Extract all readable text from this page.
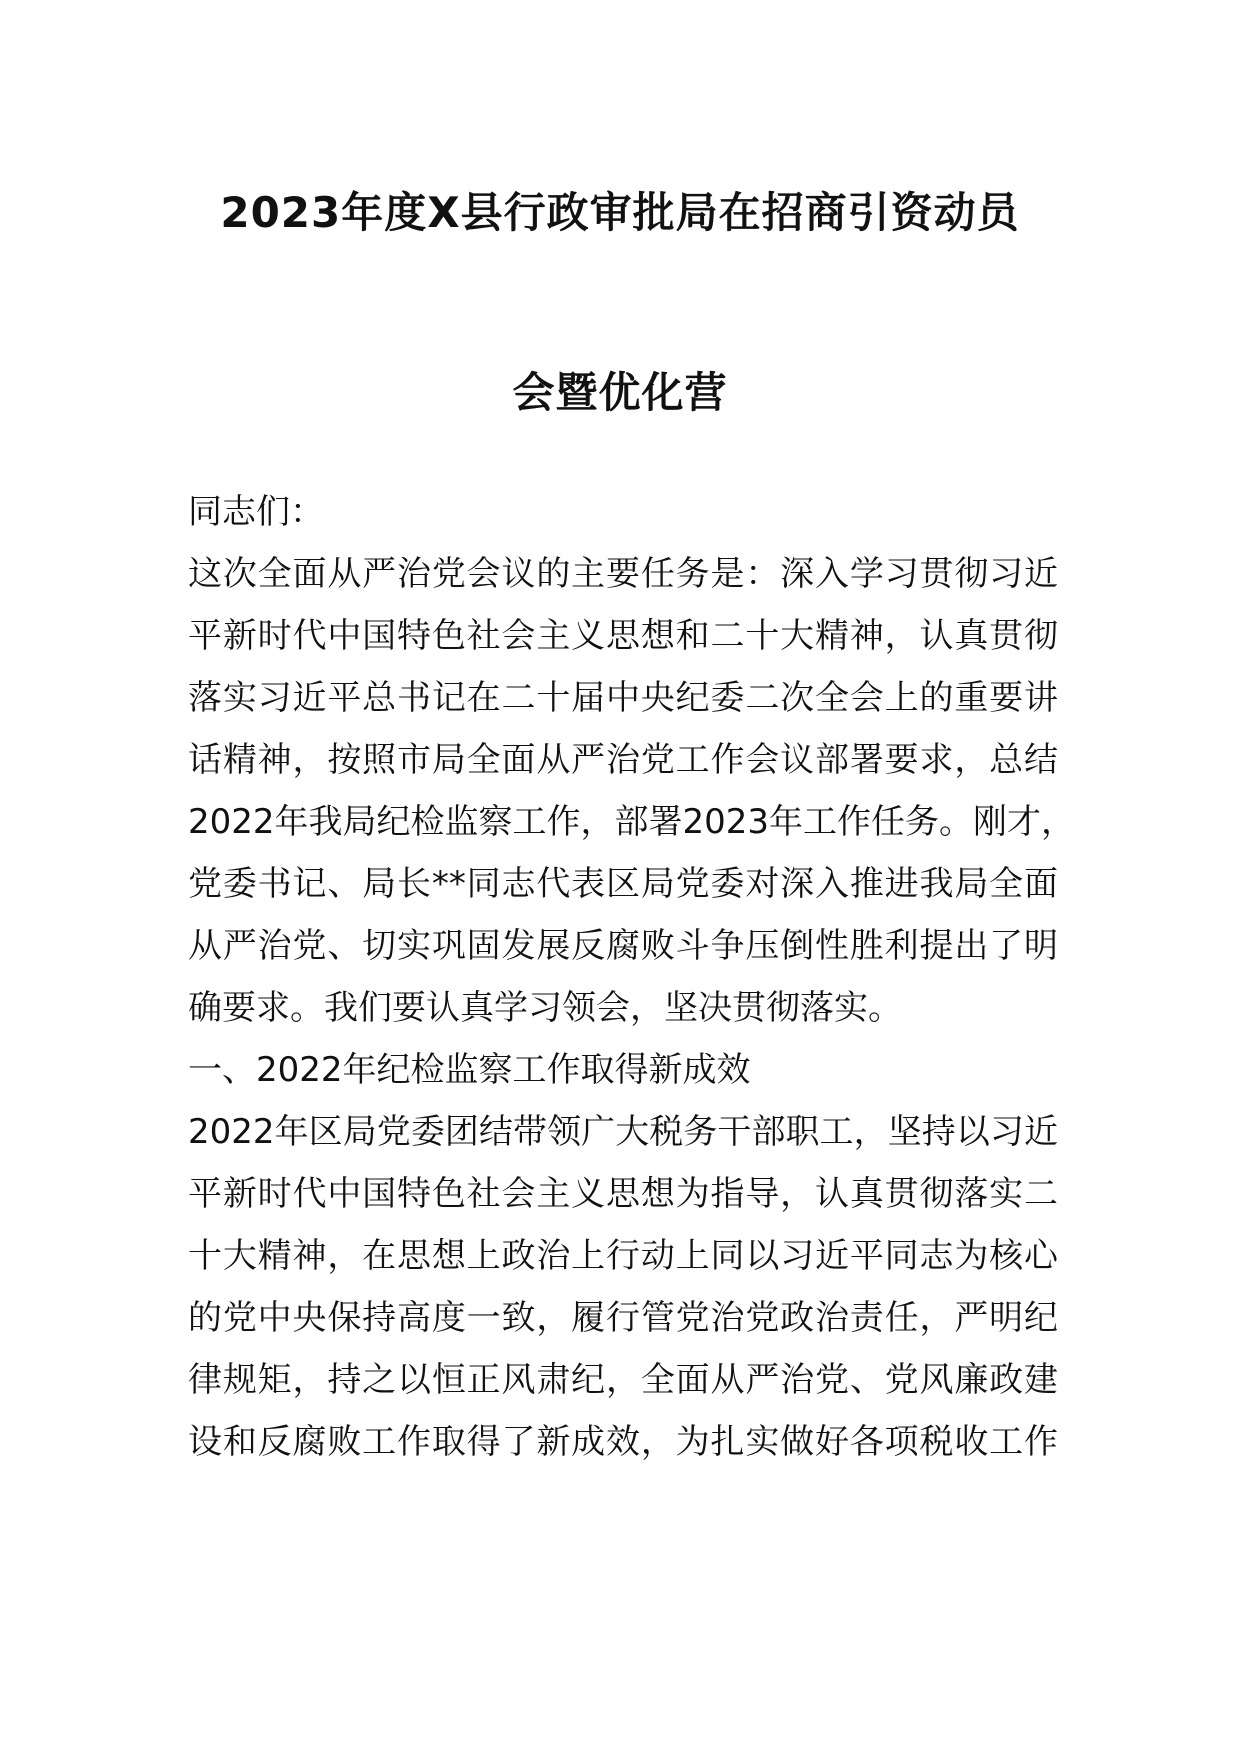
2023年度X县行政审批局在招商引资动员
会暨优化营
同志们：
这次全面从严治党会议的主要任务是：深入学习贯彻习近
平新时代中国特色社会主义思想和二十大精神，认真贯彻
落实习近平总书记在二十届中央纪委二次全会上的重要讲
话精神，按照市局全面从严治党工作会议部署要求，总结
2022年我局纪检监察工作，部署2023年工作任务。刚才，
党委书记、局长**同志代表区局党委对深入推进我局全面
从严治党、切实巩固发展反腐败斗争压倒性胜利提出了明
确要求。我们要认真学习领会，坚决贯彻落实。
一、2022年纪检监察工作取得新成效
2022年区局党委团结带领广大税务干部职工，坚持以习近
平新时代中国特色社会主义思想为指导，认真贯彻落实二
十大精神，在思想上政治上行动上同以习近平同志为核心
的党中央保持高度一致，履行管党治党政治责任，严明纪
律规矩，持之以恒正风肃纪，全面从严治党、党风廉政建
设和反腐败工作取得了新成效，为扎实做好各项税收工作
